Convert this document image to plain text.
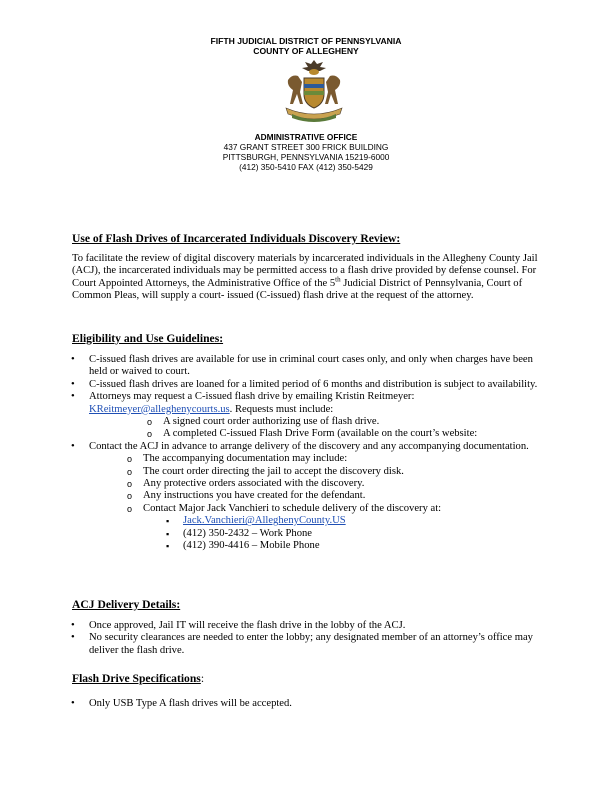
FIFTH JUDICIAL DISTRICT OF PENNSYLVANIA
COUNTY OF ALLEGHENY
ADMINISTRATIVE OFFICE
437 GRANT STREET 300 FRICK BUILDING
PITTSBURGH, PENNSYLVANIA 15219-6000
(412) 350-5410 FAX (412) 350-5429
Use of Flash Drives of Incarcerated Individuals Discovery Review:
To facilitate the review of digital discovery materials by incarcerated individuals in the Allegheny County Jail (ACJ), the incarcerated individuals may be permitted access to a flash drive provided by defense counsel. For Court Appointed Attorneys, the Administrative Office of the 5th Judicial District of Pennsylvania, Court of Common Pleas, will supply a court- issued (C-issued) flash drive at the request of the attorney.
Eligibility and Use Guidelines:
• C-issued flash drives are available for use in criminal court cases only, and only when charges have been held or waived to court.
• C-issued flash drives are loaned for a limited period of 6 months and distribution is subject to availability.
• Attorneys may request a C-issued flash drive by emailing Kristin Reitmeyer: KReitmeyer@alleghenycourts.us. Requests must include:
o A signed court order authorizing use of flash drive.
o A completed C-issued Flash Drive Form (available on the court’s website:
• Contact the ACJ in advance to arrange delivery of the discovery and any accompanying documentation.
o The accompanying documentation may include:
o The court order directing the jail to accept the discovery disk.
o Any protective orders associated with the discovery.
o Any instructions you have created for the defendant.
o Contact Major Jack Vanchieri to schedule delivery of the discovery at:
▪ Jack.Vanchieri@AlleghenyCounty.US
▪ (412) 350-2432 – Work Phone
▪ (412) 390-4416 – Mobile Phone
ACJ Delivery Details:
• Once approved, Jail IT will receive the flash drive in the lobby of the ACJ.
• No security clearances are needed to enter the lobby; any designated member of an attorney’s office may deliver the flash drive.
Flash Drive Specifications:
• Only USB Type A flash drives will be accepted.
